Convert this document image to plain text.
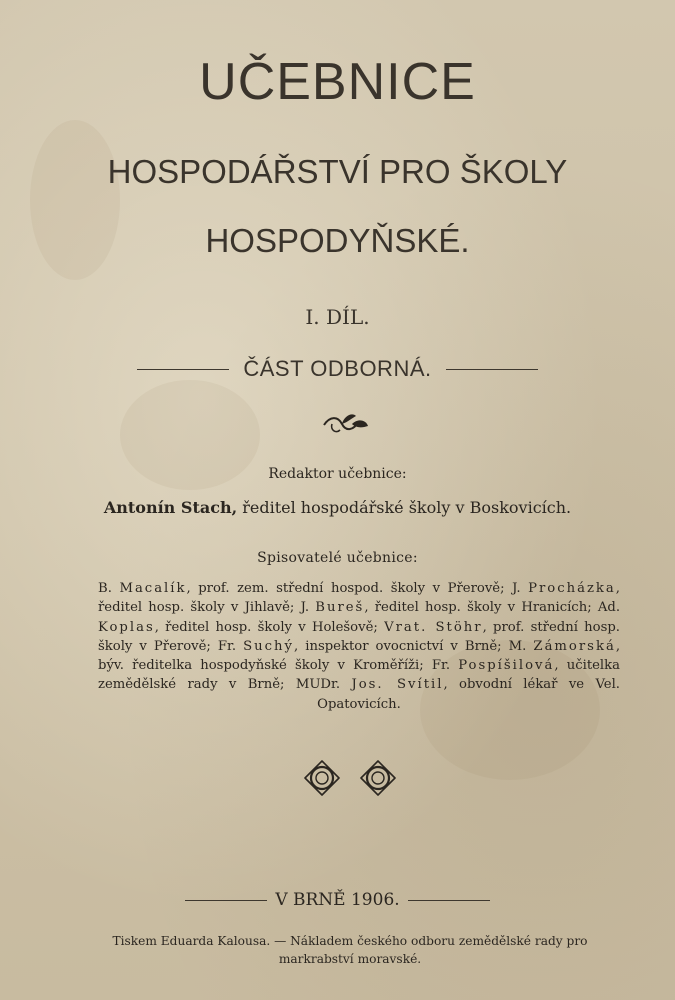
UČEBNICE
HOSPODÁŘSTVÍ PRO ŠKOLY
HOSPODYŇSKÉ.
I. DÍL.
ČÁST ODBORNÁ.
Redaktor učebnice:
Antonín Stach, ředitel hospodářské školy v Boskovicích.
Spisovatelé učebnice:
B. Macalík, prof. zem. střední hospod. školy v Přerově; J. Procházka, ředitel hosp. školy v Jihlavě; J. Bureš, ředitel hosp. školy v Hranicích; Ad. Koplas, ředitel hosp. školy v Holešově; Vrat. Stöhr, prof. střední hosp. školy v Přerově; Fr. Suchý, inspektor ovocnictví v Brně; M. Zámorská, býv. ředitelka hospodyňské školy v Kroměříži; Fr. Pospíšilová, učitelka zemědělské rady v Brně; MUDr. Jos. Svítil, obvodní lékař ve Vel. Opatovicích.
V BRNĚ 1906.
Tiskem Eduarda Kalousa. — Nákladem českého odboru zemědělské rady pro
markrabství moravské.
